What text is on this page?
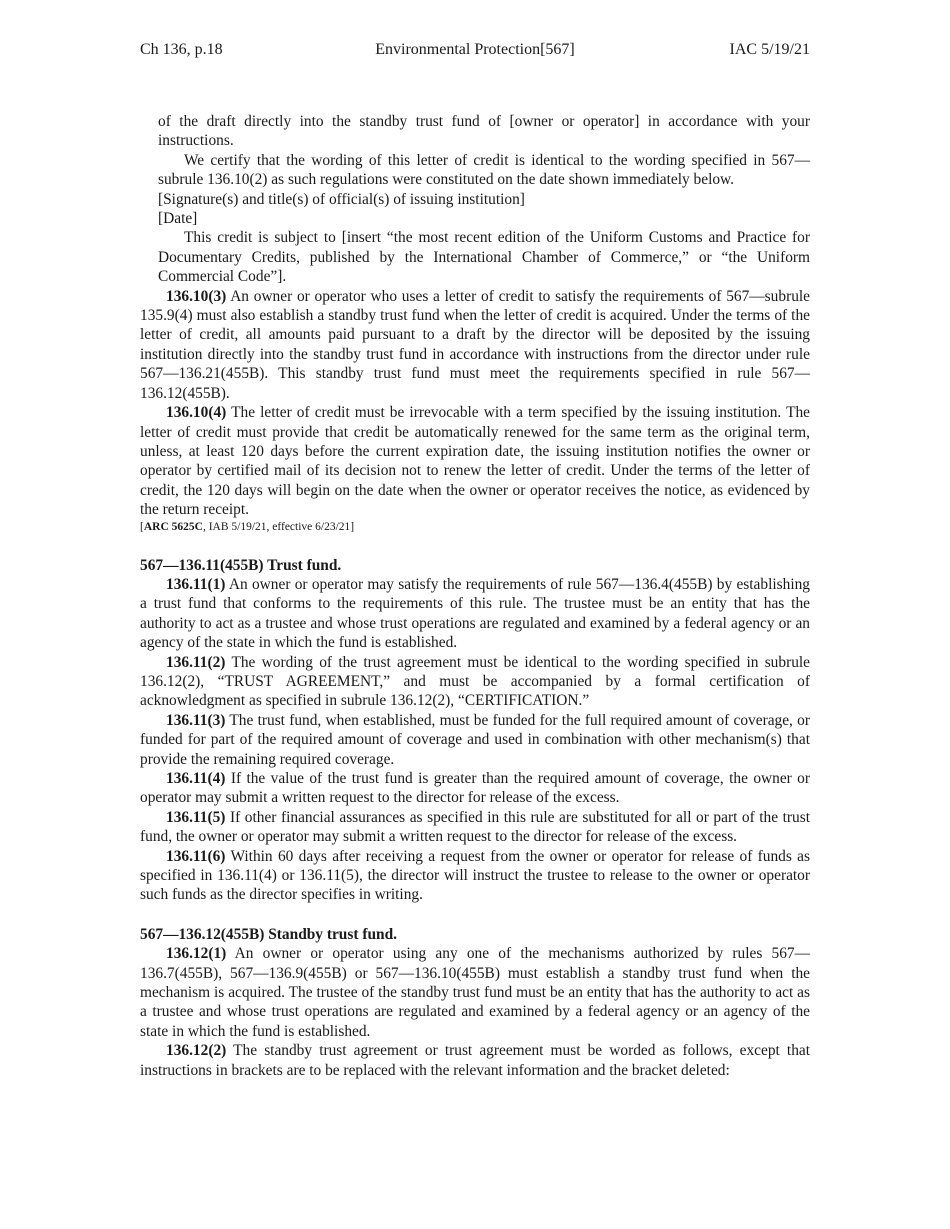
Ch 136, p.18	Environmental Protection[567]	IAC 5/19/21

of the draft directly into the standby trust fund of [owner or operator] in accordance with your instructions.

We certify that the wording of this letter of credit is identical to the wording specified in 567—subrule 136.10(2) as such regulations were constituted on the date shown immediately below.

[Signature(s) and title(s) of official(s) of issuing institution]

[Date]

This credit is subject to [insert “the most recent edition of the Uniform Customs and Practice for Documentary Credits, published by the International Chamber of Commerce,” or “the Uniform Commercial Code”].

136.10(3) An owner or operator who uses a letter of credit to satisfy the requirements of 567—subrule 135.9(4) must also establish a standby trust fund when the letter of credit is acquired. Under the terms of the letter of credit, all amounts paid pursuant to a draft by the director will be deposited by the issuing institution directly into the standby trust fund in accordance with instructions from the director under rule 567—136.21(455B). This standby trust fund must meet the requirements specified in rule 567—136.12(455B).

136.10(4) The letter of credit must be irrevocable with a term specified by the issuing institution. The letter of credit must provide that credit be automatically renewed for the same term as the original term, unless, at least 120 days before the current expiration date, the issuing institution notifies the owner or operator by certified mail of its decision not to renew the letter of credit. Under the terms of the letter of credit, the 120 days will begin on the date when the owner or operator receives the notice, as evidenced by the return receipt.

[ARC 5625C, IAB 5/19/21, effective 6/23/21]

567—136.11(455B) Trust fund.

136.11(1) An owner or operator may satisfy the requirements of rule 567—136.4(455B) by establishing a trust fund that conforms to the requirements of this rule. The trustee must be an entity that has the authority to act as a trustee and whose trust operations are regulated and examined by a federal agency or an agency of the state in which the fund is established.

136.11(2) The wording of the trust agreement must be identical to the wording specified in subrule 136.12(2), “TRUST AGREEMENT,” and must be accompanied by a formal certification of acknowledgment as specified in subrule 136.12(2), “CERTIFICATION.”

136.11(3) The trust fund, when established, must be funded for the full required amount of coverage, or funded for part of the required amount of coverage and used in combination with other mechanism(s) that provide the remaining required coverage.

136.11(4) If the value of the trust fund is greater than the required amount of coverage, the owner or operator may submit a written request to the director for release of the excess.

136.11(5) If other financial assurances as specified in this rule are substituted for all or part of the trust fund, the owner or operator may submit a written request to the director for release of the excess.

136.11(6) Within 60 days after receiving a request from the owner or operator for release of funds as specified in 136.11(4) or 136.11(5), the director will instruct the trustee to release to the owner or operator such funds as the director specifies in writing.

567—136.12(455B) Standby trust fund.

136.12(1) An owner or operator using any one of the mechanisms authorized by rules 567—136.7(455B), 567—136.9(455B) or 567—136.10(455B) must establish a standby trust fund when the mechanism is acquired. The trustee of the standby trust fund must be an entity that has the authority to act as a trustee and whose trust operations are regulated and examined by a federal agency or an agency of the state in which the fund is established.

136.12(2) The standby trust agreement or trust agreement must be worded as follows, except that instructions in brackets are to be replaced with the relevant information and the bracket deleted:
